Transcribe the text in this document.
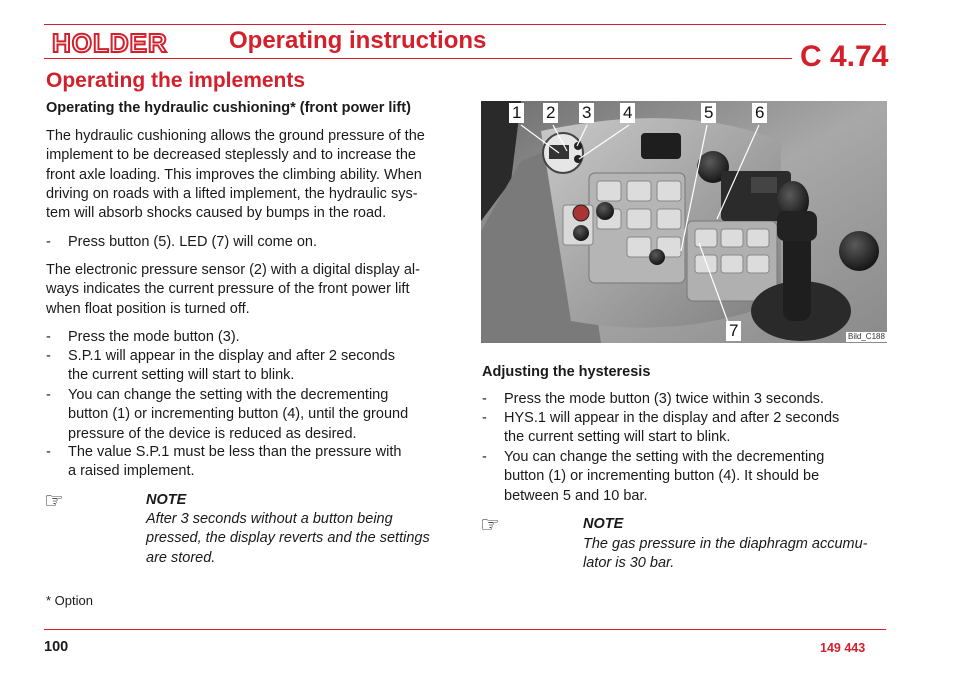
HOLDER	Operating instructions	C 4.74
Operating the implements
Operating the hydraulic cushioning* (front power lift)
The hydraulic cushioning allows the ground pressure of the
implement to be decreased steplessly and to increase the
front axle loading. This improves the climbing ability. When
driving on roads with a lifted implement, the hydraulic sys-
tem will absorb shocks caused by bumps in the road.
- Press button (5). LED (7) will come on.
The electronic pressure sensor (2) with a digital display al-
ways indicates the current pressure of the front power lift
when float position is turned off.
- Press the mode button (3).
- S.P.1 will appear in the display and after 2 seconds
the current setting will start to blink.
- You can change the setting with the decrementing
button (1) or incrementing button (4), until the ground
pressure of the device is reduced as desired.
- The value S.P.1 must be less than the pressure with
a raised implement.
☞	NOTE
After 3 seconds without a button being
pressed, the display reverts and the settings
are stored.
* Option
1 2 3 4	5 6
7	Bild_C188
Adjusting the hysteresis
- Press the mode button (3) twice within 3 seconds.
- HYS.1 will appear in the display and after 2 seconds
the current setting will start to blink.
- You can change the setting with the decrementing
button (1) or incrementing button (4). It should be
between 5 and 10 bar.
☞	NOTE
The gas pressure in the diaphragm accumu-
lator is 30 bar.
100	149 443
